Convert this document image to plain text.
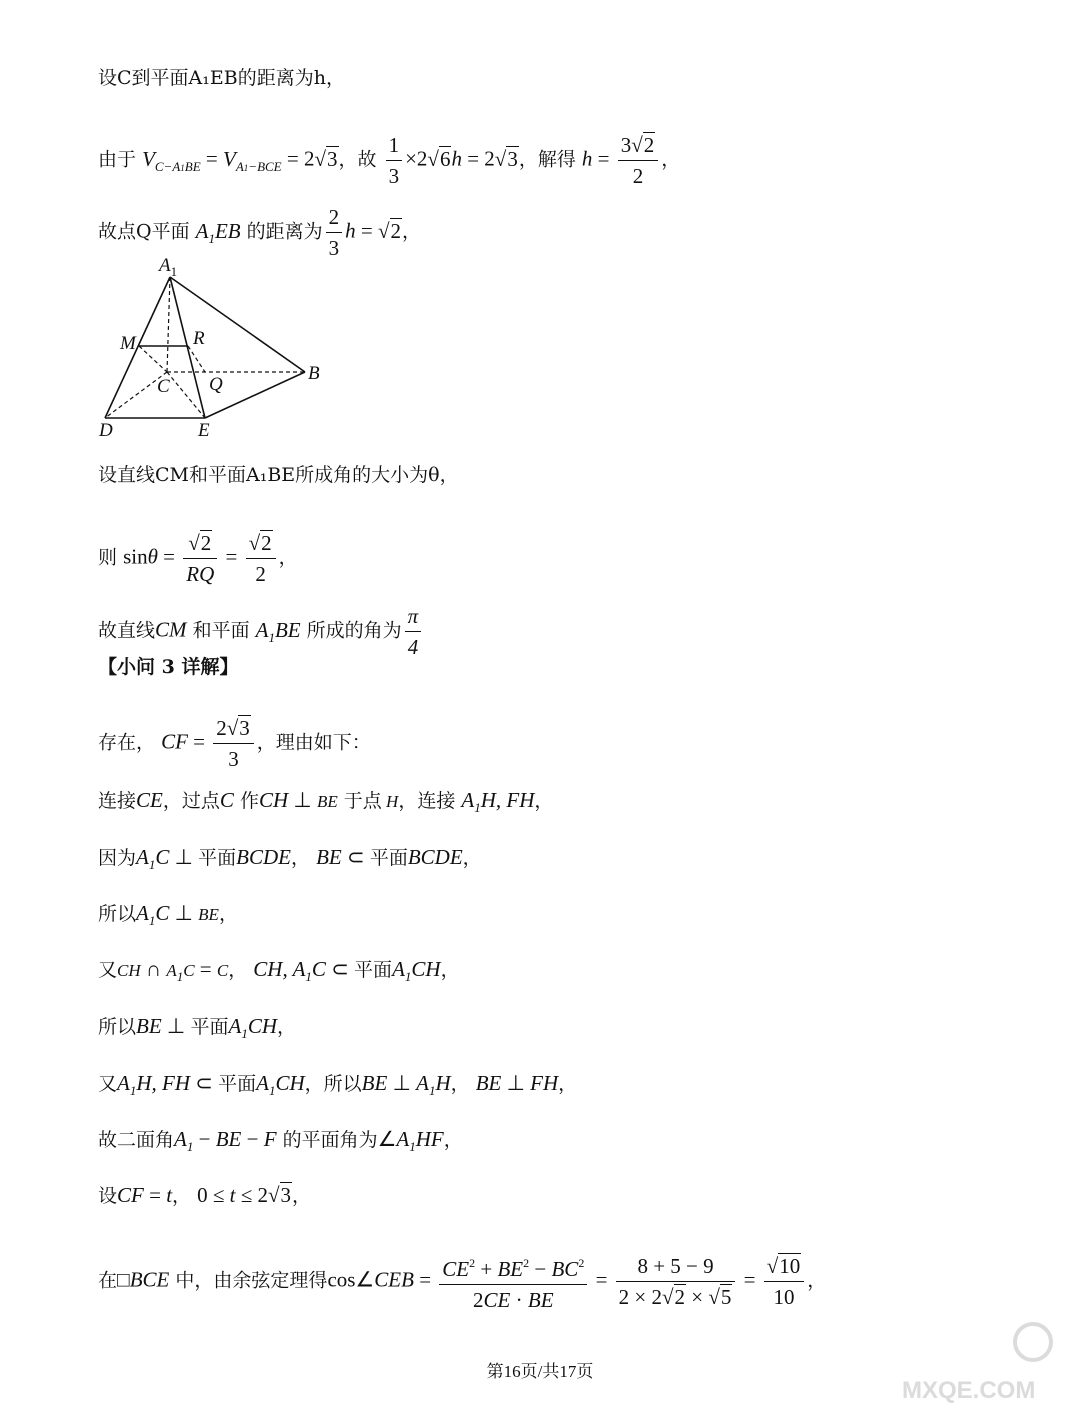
设C到平面A₁EB的距离为h，
由于 $V_{C-A1BE} = V_{A1-BCE} = 2√3$，故 $\frac{1}{3} \times 2√6h = 2√3$，解得 $h = \frac{3√2}{2}$ ，
故点Q平面 $A_1EB$ 的距离为 $\frac{2}{3}$ h = √2，
$A_1$
M	R
C Q
B
D	E
设直线CM和平面A₁BE所成角的大小为θ，
则 $\sin\theta = \frac{√2}{RQ} = \frac{√2}{2}$ ，
故直线CM 和平面 $A_1BE$ 所成的角为 $\frac{\pi}{4}$
【小问 3 详解】
存在， CF = $\frac{2√3}{3}$ ，理由如下：
连接CE，过点C 作CH ⊥ BE 于点 H，连接 $A_1H$, FH，
因为$A_1C$ ⊥ 平面BCDE， BE ⊂ 平面BCDE，
所以$A_1C$ ⊥ BE，
又CH ∩ $A_1C = C$， CH, $A_1C$ ⊂ 平面$A_1CH$，
所以BE ⊥ 平面$A_1CH$，
又$A_1H$, FH ⊂ 平面$A_1CH$，所以BE ⊥ $A_1H$， BE ⊥ FH，
故二面角$A_1$ − BE − F 的平面角为$\angle A_1HF$，
设CF = t， 0 ≤ t ≤ 2√3，
在□BCE 中，由余弦定理得cos∠CEB = $\frac{CE^2 + BE^2 - BC^2}{2CE \cdot BE} = \frac{8 + 5 - 9}{2 \times 2√2 \times √5} = \frac{√10}{10}$ ，
第16页/共17页
MXQE.COM
